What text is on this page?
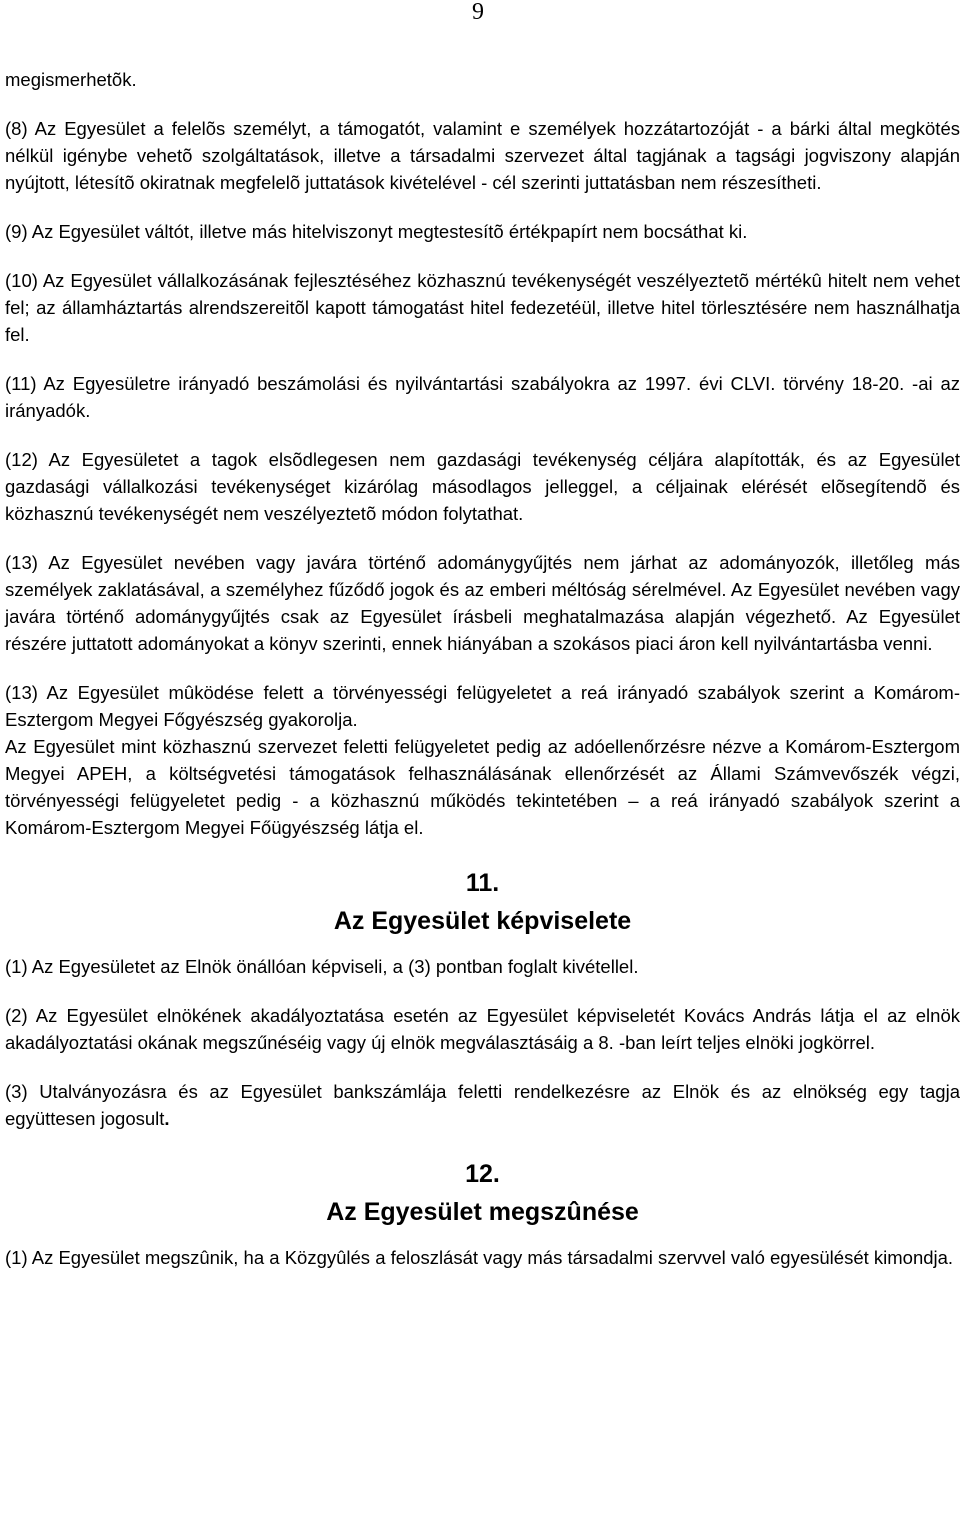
9

megismerhetõk.

(8) Az Egyesület a felelõs személyt, a támogatót, valamint e személyek hozzátartozóját - a bárki által megkötés nélkül igénybe vehetõ szolgáltatások, illetve a társadalmi szervezet által tagjának a tagsági jogviszony alapján nyújtott, létesítõ okiratnak megfelelõ juttatások kivételével - cél szerinti juttatásban nem részesítheti.

(9) Az Egyesület váltót, illetve más hitelviszonyt megtestesítõ értékpapírt nem bocsáthat ki.

(10) Az Egyesület vállalkozásának fejlesztéséhez közhasznú tevékenységét veszélyeztetõ mértékû hitelt nem vehet fel; az államháztartás alrendszereitõl kapott támogatást hitel fedezetéül, illetve hitel törlesztésére nem használhatja fel.

(11) Az Egyesületre irányadó beszámolási és nyilvántartási szabályokra az 1997. évi CLVI. törvény 18-20. -ai az irányadók.

(12) Az Egyesületet a tagok elsõdlegesen nem gazdasági tevékenység céljára alapították, és az Egyesület gazdasági vállalkozási tevékenységet kizárólag másodlagos jelleggel, a céljainak elérését elõsegítendõ és közhasznú tevékenységét nem veszélyeztetõ módon folytathat.

(13) Az Egyesület nevében vagy javára történő adománygyűjtés nem járhat az adományozók, illetőleg más személyek zaklatásával, a személyhez fűződő jogok és az emberi méltóság sérelmével. Az Egyesület nevében vagy javára történő adománygyűjtés csak az Egyesület írásbeli meghatalmazása alapján végezhető. Az Egyesület részére juttatott adományokat a könyv szerinti, ennek hiányában a szokásos piaci áron kell nyilvántartásba venni.

(13) Az Egyesület mûködése felett a törvényességi felügyeletet a reá irányadó szabályok szerint a Komárom-Esztergom Megyei Főgyészség gyakorolja.

Az Egyesület mint közhasznú szervezet feletti felügyeletet pedig az adóellenőrzésre nézve a Komárom-Esztergom Megyei APEH, a költségvetési támogatások felhasználásának ellenőrzését az Állami Számvevőszék végzi, törvényességi felügyeletet pedig - a közhasznú működés tekintetében – a reá irányadó szabályok szerint a Komárom-Esztergom Megyei Főügyészség látja el.

11.

Az Egyesület képviselete

(1) Az Egyesületet az Elnök önállóan képviseli, a (3) pontban foglalt kivétellel.

(2) Az Egyesület elnökének akadályoztatása esetén az Egyesület képviseletét Kovács András látja el az elnök akadályoztatási okának megszűnéséig vagy új elnök megválasztásáig a 8. -ban leírt teljes elnöki jogkörrel.

(3) Utalványozásra és az Egyesület bankszámlája feletti rendelkezésre az Elnök és az elnökség egy tagja együttesen jogosult.

12.

Az Egyesület megszûnése

(1) Az Egyesület megszûnik, ha a Közgyûlés a feloszlását vagy más társadalmi szervvel való egyesülését kimondja.
